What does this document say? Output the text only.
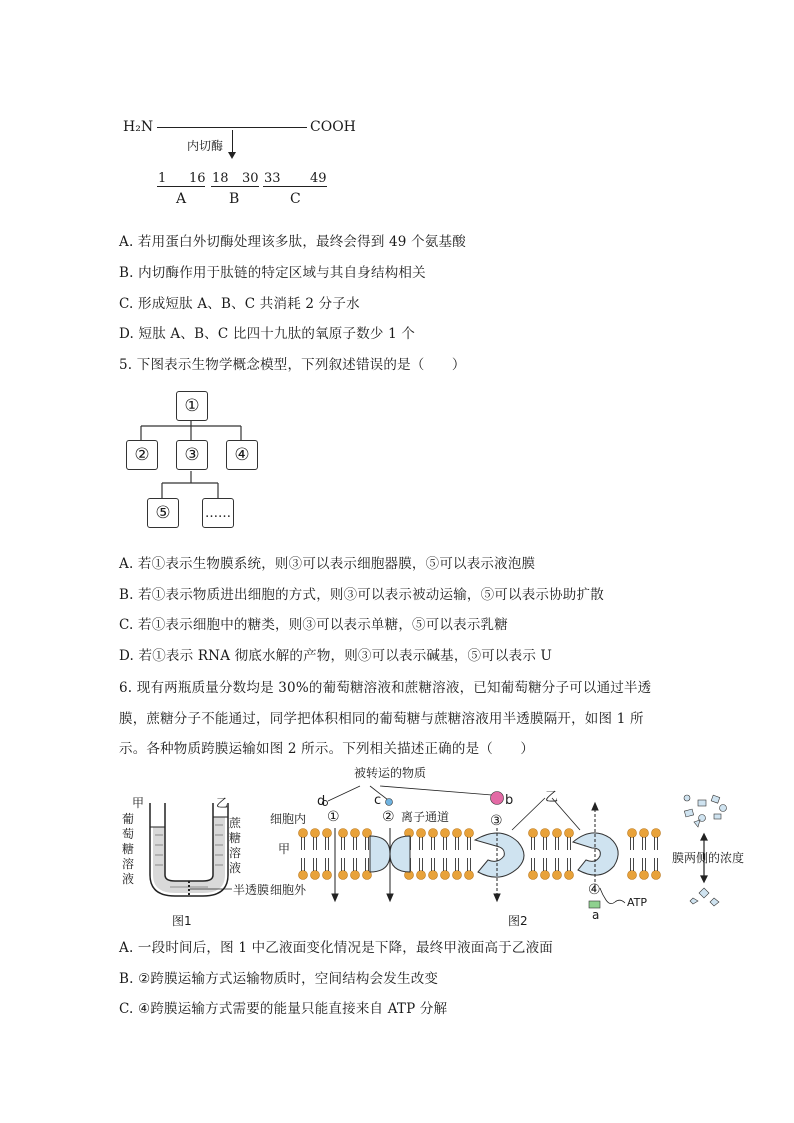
H₂N	COOH
内切酶
1 16 18 30 33 49
A	B	C
A. 若用蛋白外切酶处理该多肽，最终会得到 49 个氨基酸
B. 内切酶作用于肽链的特定区域与其自身结构相关
C. 形成短肽 A、B、C 共消耗 2 分子水
D. 短肽 A、B、C 比四十九肽的氧原子数少 1 个
5. 下图表示生物学概念模型，下列叙述错误的是（　　）
①
②	③	④
⑤	……
A. 若①表示生物膜系统，则③可以表示细胞器膜，⑤可以表示液泡膜
B. 若①表示物质进出细胞的方式，则③可以表示被动运输，⑤可以表示协助扩散
C. 若①表示细胞中的糖类，则③可以表示单糖，⑤可以表示乳糖
D. 若①表示 RNA 彻底水解的产物，则③可以表示碱基，⑤可以表示 U
6. 现有两瓶质量分数均是 30%的葡萄糖溶液和蔗糖溶液，已知葡萄糖分子可以通过半透
膜，蔗糖分子不能通过，同学把体积相同的葡萄糖与蔗糖溶液用半透膜隔开，如图 1 所
示。各种物质跨膜运输如图 2 所示。下列相关描述正确的是（　　）
甲	乙
葡
萄
糖
溶
液
蔗
糖
溶
液
半透膜
图1
被转运的物质
d	c	b
细胞内
甲
细胞外
①	② 离子通道	③
乙
④
ATP
a
膜两侧的浓度
图2
A. 一段时间后，图 1 中乙液面变化情况是下降，最终甲液面高于乙液面
B. ②跨膜运输方式运输物质时，空间结构会发生改变
C. ④跨膜运输方式需要的能量只能直接来自 ATP 分解
